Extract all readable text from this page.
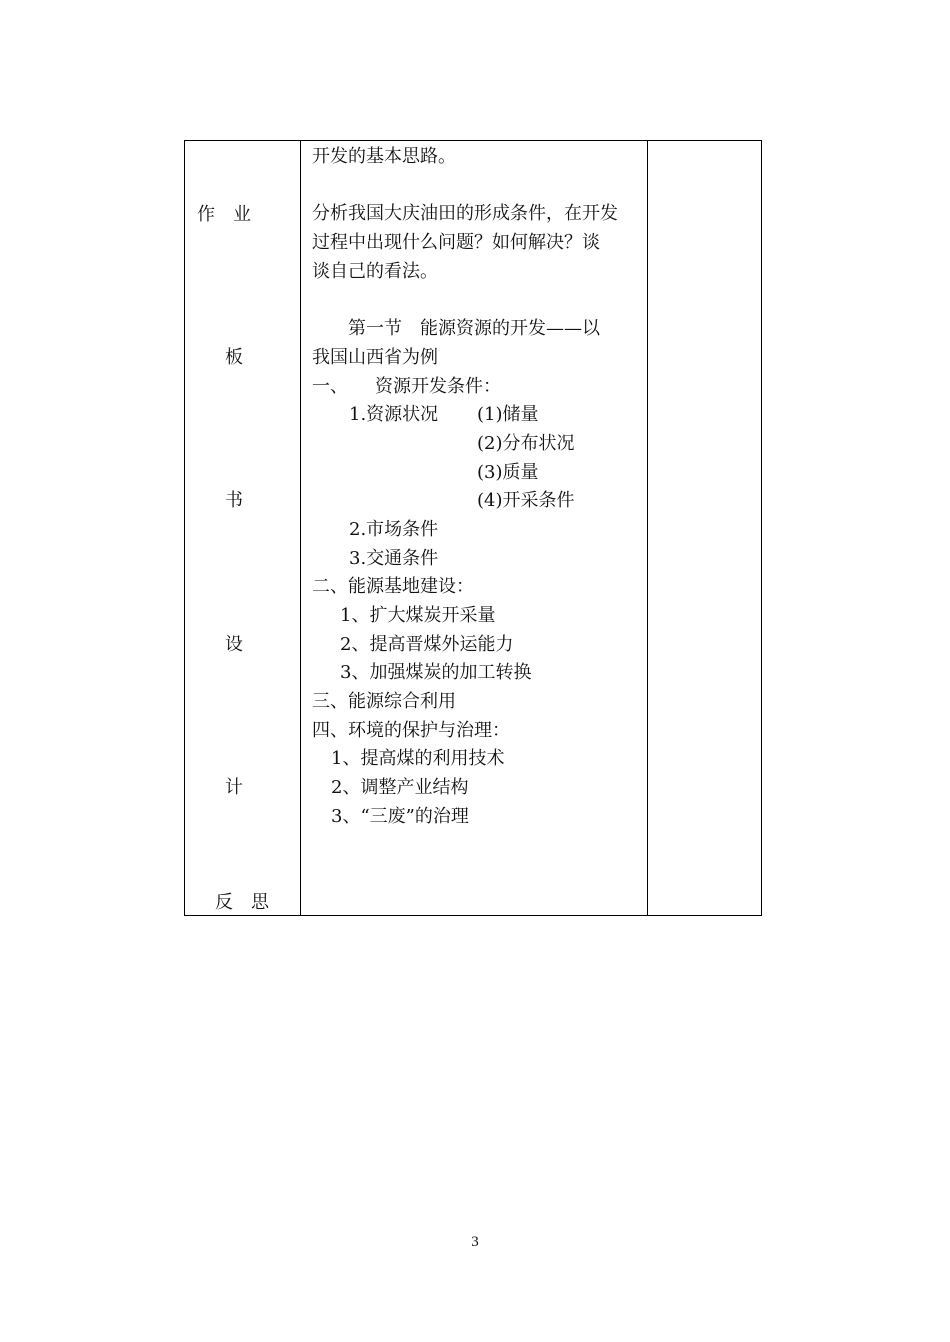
作　业
板
书
设
计
反　思
开发的基本思路。
分析我国大庆油田的形成条件，在开发
过程中出现什么问题？如何解决？谈
谈自己的看法。
　　第一节　能源资源的开发——以
我国山西省为例
一、　　资源开发条件：
1.资源状况 (1)储量
(2)分布状况
(3)质量
(4)开采条件
2.市场条件
3.交通条件
二、能源基地建设：
1、扩大煤炭开采量
2、提高晋煤外运能力
3、加强煤炭的加工转换
三、能源综合利用
四、环境的保护与治理：
1、提高煤的利用技术
2、调整产业结构
3、“三废”的治理
3
